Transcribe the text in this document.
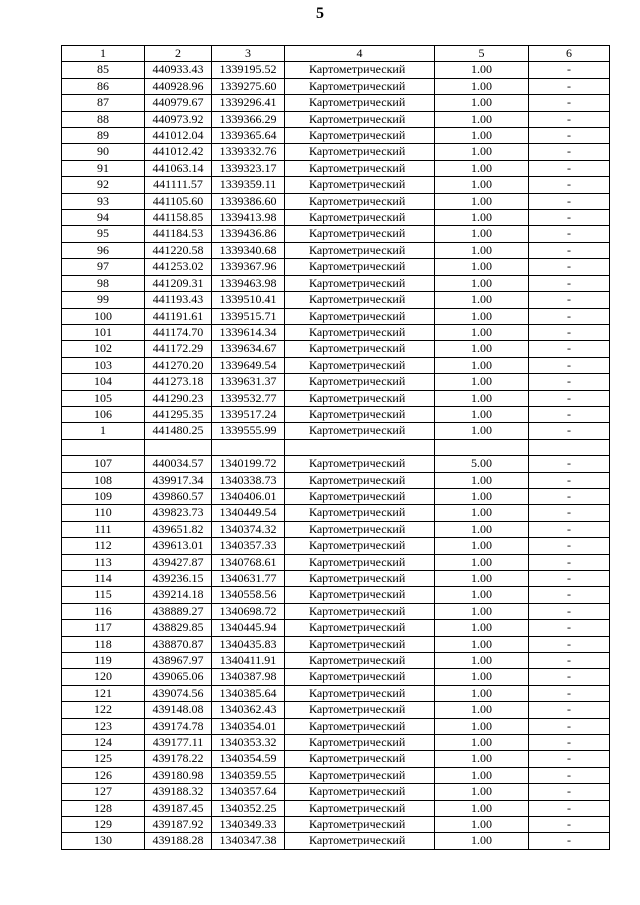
5
1	2	3	4	5	6
85	440933.43	1339195.52	Картометрический	1.00	-
86	440928.96	1339275.60	Картометрический	1.00	-
87	440979.67	1339296.41	Картометрический	1.00	-
88	440973.92	1339366.29	Картометрический	1.00	-
89	441012.04	1339365.64	Картометрический	1.00	-
90	441012.42	1339332.76	Картометрический	1.00	-
91	441063.14	1339323.17	Картометрический	1.00	-
92	441111.57	1339359.11	Картометрический	1.00	-
93	441105.60	1339386.60	Картометрический	1.00	-
94	441158.85	1339413.98	Картометрический	1.00	-
95	441184.53	1339436.86	Картометрический	1.00	-
96	441220.58	1339340.68	Картометрический	1.00	-
97	441253.02	1339367.96	Картометрический	1.00	-
98	441209.31	1339463.98	Картометрический	1.00	-
99	441193.43	1339510.41	Картометрический	1.00	-
100	441191.61	1339515.71	Картометрический	1.00	-
101	441174.70	1339614.34	Картометрический	1.00	-
102	441172.29	1339634.67	Картометрический	1.00	-
103	441270.20	1339649.54	Картометрический	1.00	-
104	441273.18	1339631.37	Картометрический	1.00	-
105	441290.23	1339532.77	Картометрический	1.00	-
106	441295.35	1339517.24	Картометрический	1.00	-
1	441480.25	1339555.99	Картометрический	1.00	-

107	440034.57	1340199.72	Картометрический	5.00	-
108	439917.34	1340338.73	Картометрический	1.00	-
109	439860.57	1340406.01	Картометрический	1.00	-
110	439823.73	1340449.54	Картометрический	1.00	-
111	439651.82	1340374.32	Картометрический	1.00	-
112	439613.01	1340357.33	Картометрический	1.00	-
113	439427.87	1340768.61	Картометрический	1.00	-
114	439236.15	1340631.77	Картометрический	1.00	-
115	439214.18	1340558.56	Картометрический	1.00	-
116	438889.27	1340698.72	Картометрический	1.00	-
117	438829.85	1340445.94	Картометрический	1.00	-
118	438870.87	1340435.83	Картометрический	1.00	-
119	438967.97	1340411.91	Картометрический	1.00	-
120	439065.06	1340387.98	Картометрический	1.00	-
121	439074.56	1340385.64	Картометрический	1.00	-
122	439148.08	1340362.43	Картометрический	1.00	-
123	439174.78	1340354.01	Картометрический	1.00	-
124	439177.11	1340353.32	Картометрический	1.00	-
125	439178.22	1340354.59	Картометрический	1.00	-
126	439180.98	1340359.55	Картометрический	1.00	-
127	439188.32	1340357.64	Картометрический	1.00	-
128	439187.45	1340352.25	Картометрический	1.00	-
129	439187.92	1340349.33	Картометрический	1.00	-
130	439188.28	1340347.38	Картометрический	1.00	-
